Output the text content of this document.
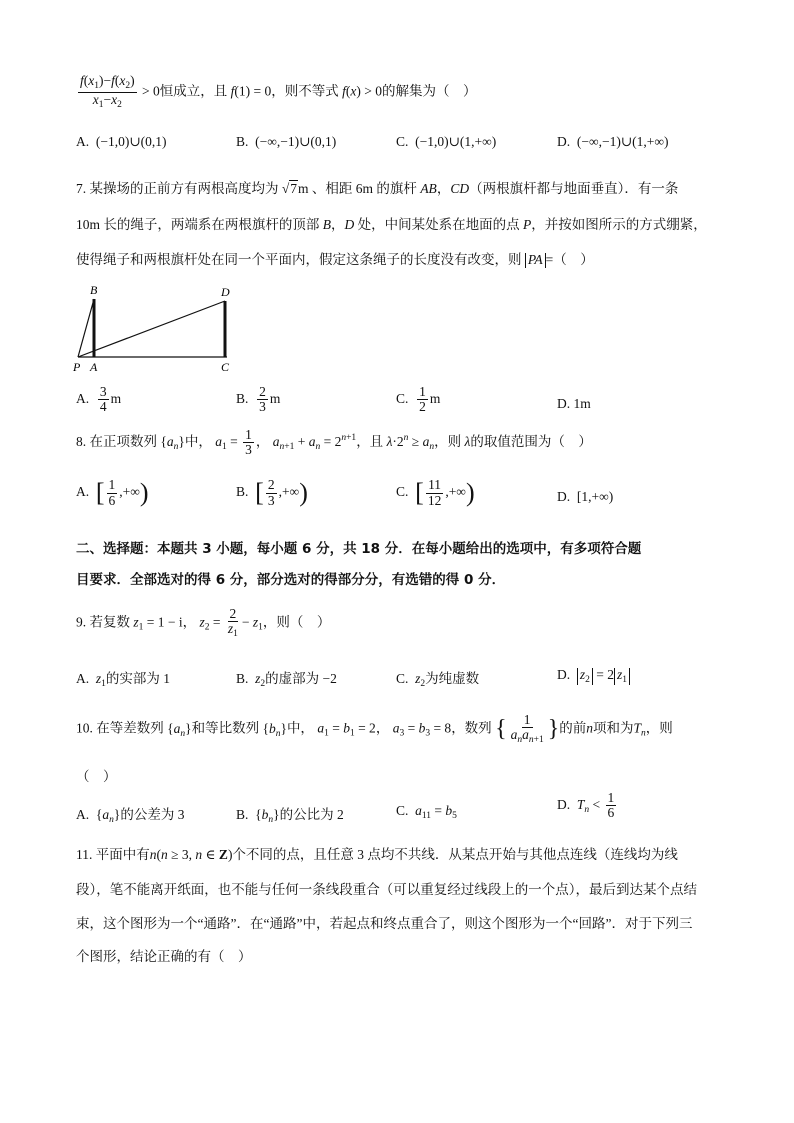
$\frac{f(x_1)-f(x_2)}{x_1-x_2} > 0$恒成立，且 f(1) = 0，则不等式 f(x) > 0的解集为（　）
A. (−1,0)∪(0,1)	B. (−∞,−1)∪(0,1)	C. (−1,0)∪(1,+∞)	D. (−∞,−1)∪(1,+∞)
7. 某操场的正前方有两根高度均为 √7m 、相距 6m 的旗杆 AB，CD（两根旗杆都与地面垂直）．有一条
10m 长的绳子，两端系在两根旗杆的顶部 B，D 处，中间某处系在地面的点 P，并按如图所示的方式绷紧，
使得绳子和两根旗杆处在同一个平面内，假定这条绳子的长度没有改变，则 PA =（　）
B	D
P A	C
A. $\frac{3}{4}$ m	B. $\frac{2}{3}$ m	C. $\frac{1}{2}$ m	D. 1m
8. 在正项数列 $\{a_n\}$中， $a_1 = \frac{1}{3}$ ， $a_{n+1} + a_n = 2^{n+1}$，且 $\lambda\cdot 2^n \ge a_n$，则 λ的取值范围为（　）
A. [ $\frac{1}{6}$ ,+∞)	B. [ $\frac{2}{3}$ ,+∞)	C. [ $\frac{11}{12}$ ,+∞)	D. [1,+∞)
二、选择题：本题共 3 小题，每小题 6 分，共 18 分．在每小题给出的选项中，有多项符合题
目要求．全部选对的得 6 分，部分选对的得部分分，有选错的得 0 分．
9. 若复数 $z_1 = 1 - i$， $z_2 = \frac{2}{z_1} - z_1$，则（　）
A. $z_1$的实部为 1	B. $z_2$的虚部为 −2	C. $z_2$为纯虚数	D. $z_2 = 2$ $z_1$
10. 在等差数列 $\{a_n\}$和等比数列 $\{b_n\}$中， $a_1 = b_1 = 2$， $a_3 = b_3 = 8$，数列 { $\frac{1}{a_na_{n+1}}$ }的前n项和为$T_n$，则
（　）
A.  $\{a_n\}$的公差为 3	B.  $\{b_n\}$的公比为 2	C. $a_{11} = b_5$
D. $T_n < \frac{1}{6}$
11. 平面中有n(n ≥ 3, n ∈ Z)个不同的点，且任意 3 点均不共线．从某点开始与其他点连线（连线均为线
段），笔不能离开纸面，也不能与任何一条线段重合（可以重复经过线段上的一个点），最后到达某个点结
束，这个图形为一个“通路”．在“通路”中，若起点和终点重合了，则这个图形为一个“回路”．对于下列三
个图形，结论正确的有（　）
